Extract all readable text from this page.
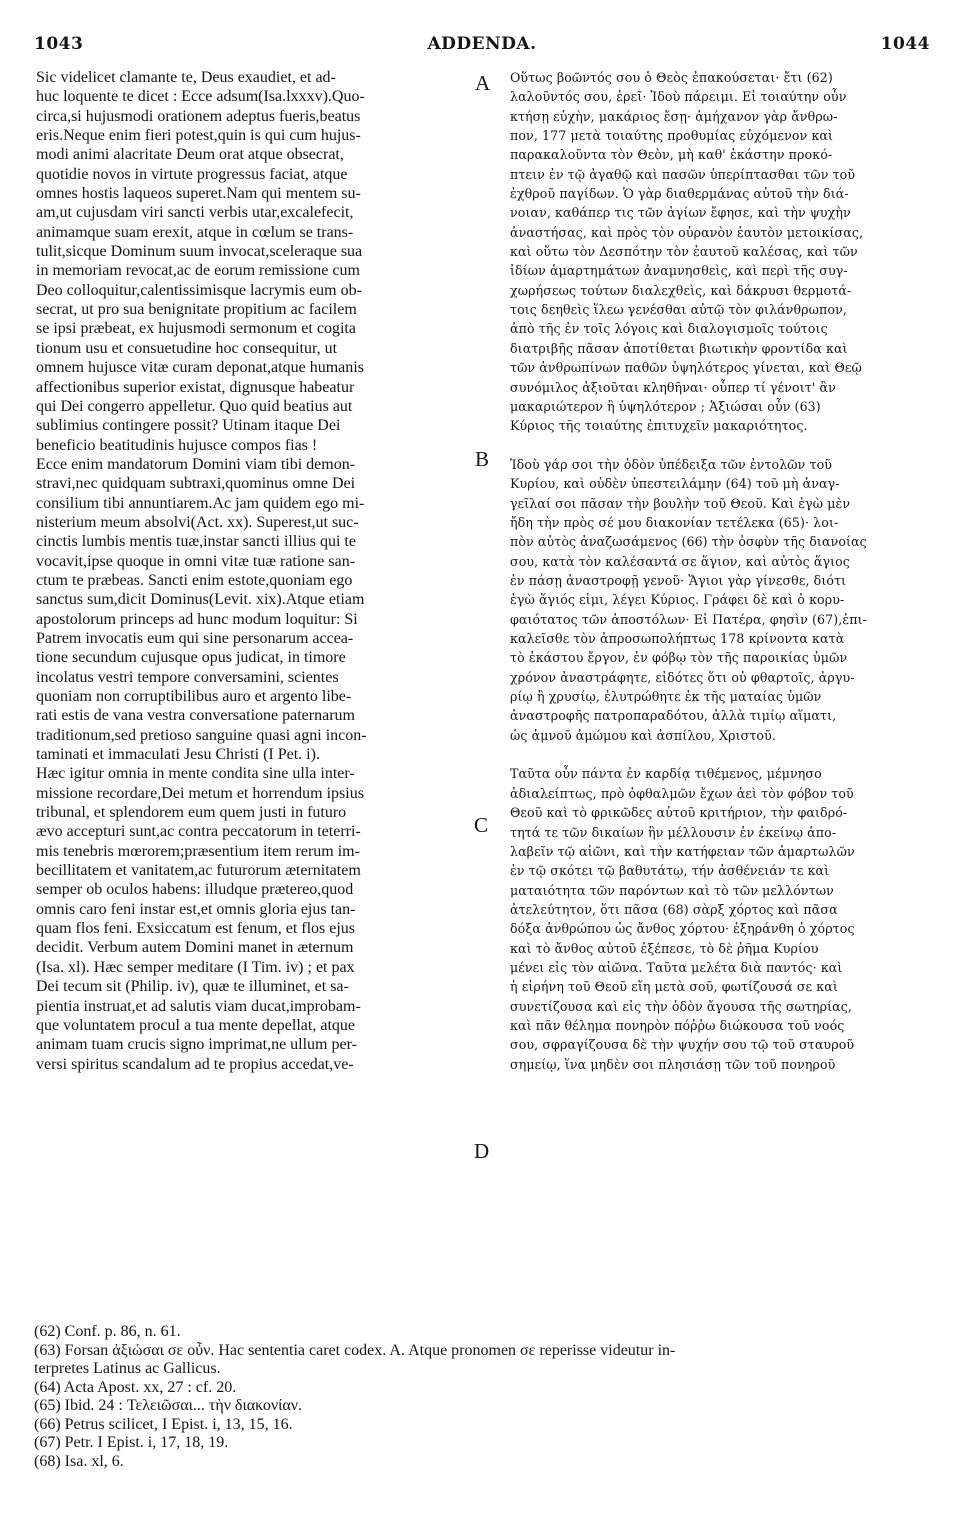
1043	ADDENDA.	1044
A
B
C
D
Sic videlicet clamante te, Deus exaudiet, et ad-
huc loquente te dicet : Ecce adsum(Isa.lxxxv).Quo-
circa,si hujusmodi orationem adeptus fueris,beatus
eris.Neque enim fieri potest,quin is qui cum hujus-
modi animi alacritate Deum orat atque obsecrat,
quotidie novos in virtute progressus faciat, atque
omnes hostis laqueos superet.Nam qui mentem su-
am,ut cujusdam viri sancti verbis utar,excalefecit,
animamque suam erexit, atque in cœlum se trans-
tulit,sicque Dominum suum invocat,sceleraque sua
in memoriam revocat,ac de eorum remissione cum
Deo colloquitur,calentissimisque lacrymis eum ob-
secrat, ut pro sua benignitate propitium ac facilem
se ipsi præbeat, ex hujusmodi sermonum et cogita
tionum usu et consuetudine hoc consequitur, ut
omnem hujusce vitæ curam deponat,atque humanis
affectionibus superior existat, dignusque habeatur
qui Dei congerro appelletur. Quo quid beatius aut
sublimius contingere possit? Utinam itaque Dei
beneficio beatitudinis hujusce compos fias !
Ecce enim mandatorum Domini viam tibi demon-
stravi,nec quidquam subtraxi,quominus omne Dei
consilium tibi annuntiarem.Ac jam quidem ego mi-
nisterium meum absolvi(Act. xx). Superest,ut suc-
cinctis lumbis mentis tuæ,instar sancti illius qui te
vocavit,ipse quoque in omni vitæ tuæ ratione san-
ctum te præbeas. Sancti enim estote,quoniam ego
sanctus sum,dicit Dominus(Levit. xix).Atque etiam
apostolorum princeps ad hunc modum loquitur: Si
Patrem invocatis eum qui sine personarum accea-
tione secundum cujusque opus judicat, in timore
incolatus vestri tempore conversamini, scientes
quoniam non corruptibilibus auro et argento libe-
rati estis de vana vestra conversatione paternarum
traditionum,sed pretioso sanguine quasi agni incon-
taminati et immaculati Jesu Christi (I Pet. i).
Hæc igitur omnia in mente condita sine ulla inter-
missione recordare,Dei metum et horrendum ipsius
tribunal, et splendorem eum quem justi in futuro
ævo accepturi sunt,ac contra peccatorum in teterri-
mis tenebris mœrorem;præsentium item rerum im-
becillitatem et vanitatem,ac futurorum æternitatem
semper ob oculos habens: illudque prætereo,quod
omnis caro feni instar est,et omnis gloria ejus tan-
quam flos feni. Exsiccatum est fenum, et flos ejus
decidit. Verbum autem Domini manet in æternum
(Isa. xl). Hæc semper meditare (I Tim. iv) ; et pax
Dei tecum sit (Philip. iv), quæ te illuminet, et sa-
pientia instruat,et ad salutis viam ducat,improbam-
que voluntatem procul a tua mente depellat, atque
animam tuam crucis signo imprimat,ne ullum per-
versi spiritus scandalum ad te propius accedat,ve-
Οὕτως βοῶντός σου ὁ Θεὸς ἐπακούσεται· ἔτι (62)
λαλοῦντός σου, ἐρεῖ· Ἰδοὺ πάρειμι. Εἰ τοιαύτην οὖν
κτήσῃ εὐχὴν, μακάριος ἔσῃ· ἀμήχανον γὰρ ἄνθρω-
πον, 177 μετὰ τοιαύτης προθυμίας εὐχόμενον καὶ
παρακαλοῦντα τὸν Θεὸν, μὴ καθ' ἑκάστην προκό-
πτειν ἐν τῷ ἀγαθῷ καὶ πασῶν ὑπερίπτασθαι τῶν τοῦ
ἐχθροῦ παγίδων. Ὁ γὰρ διαθερμάνας αὐτοῦ τὴν διά-
νοιαν, καθάπερ τις τῶν ἁγίων ἔφησε, καὶ τὴν ψυχὴν
ἀναστήσας, καὶ πρὸς τὸν οὐρανὸν ἑαυτὸν μετοικίσας,
καὶ οὕτω τὸν Δεσπότην τὸν ἑαυτοῦ καλέσας, καὶ τῶν
ἰδίων ἁμαρτημάτων ἀναμνησθεὶς, καὶ περὶ τῆς συγ-
χωρήσεως τούτων διαλεχθεὶς, καὶ δάκρυσι θερμοτά-
τοις δεηθεὶς ἵλεω γενέσθαι αὐτῷ τὸν φιλάνθρωπον,
ἀπὸ τῆς ἐν τοῖς λόγοις καὶ διαλογισμοῖς τούτοις
διατριβῆς πᾶσαν ἀποτίθεται βιωτικὴν φροντίδα καὶ
τῶν ἀνθρωπίνων παθῶν ὑψηλότερος γίνεται, καὶ Θεῷ
συνόμιλος ἀξιοῦται κληθῆναι· οὗπερ τί γένοιτ' ἂν
μακαριώτερον ἢ ὑψηλότερον ; Ἀξιώσαι οὖν (63)
Κύριος τῆς τοιαύτης ἐπιτυχεῖν μακαριότητος.
Ἰδοὺ γάρ σοι τὴν ὁδὸν ὑπέδειξα τῶν ἐντολῶν τοῦ
Κυρίου, καὶ οὐδὲν ὑπεστειλάμην (64) τοῦ μὴ ἀναγ-
γεῖλαί σοι πᾶσαν τὴν βουλὴν τοῦ Θεοῦ. Καὶ ἐγὼ μὲν
ἤδη τὴν πρὸς σέ μου διακονίαν τετέλεκα (65)· λοι-
πὸν αὐτὸς ἀναζωσάμενος (66) τὴν ὀσφὺν τῆς διανοίας
σου, κατὰ τὸν καλέσαντά σε ἅγιον, καὶ αὐτὸς ἅγιος
ἐν πάσῃ ἀναστροφῇ γενοῦ· Ἅγιοι γὰρ γίνεσθε, διότι
ἐγὼ ἅγιός εἰμι, λέγει Κύριος. Γράφει δὲ καὶ ὁ κορυ-
φαιότατος τῶν ἀποστόλων· Εἰ Πατέρα, φησὶν (67),ἐπι-
καλεῖσθε τὸν ἀπροσωπολήπτως 178 κρίνοντα κατὰ
τὸ ἑκάστου ἔργον, ἐν φόβῳ τὸν τῆς παροικίας ὑμῶν
χρόνον ἀναστράφητε, εἰδότες ὅτι οὐ φθαρτοῖς, ἀργυ-
ρίῳ ἢ χρυσίῳ, ἐλυτρώθητε ἐκ τῆς ματαίας ὑμῶν
ἀναστροφῆς πατροπαραδότου, ἀλλὰ τιμίῳ αἵματι,
ὡς ἀμνοῦ ἀμώμου καὶ ἀσπίλου, Χριστοῦ.
Ταῦτα οὖν πάντα ἐν καρδίᾳ τιθέμενος, μέμνησο
ἀδιαλείπτως, πρὸ ὀφθαλμῶν ἔχων ἀεὶ τὸν φόβον τοῦ
Θεοῦ καὶ τὸ φρικῶδες αὐτοῦ κριτήριον, τὴν φαιδρό-
τητά τε τῶν δικαίων ἣν μέλλουσιν ἐν ἐκείνῳ ἀπο-
λαβεῖν τῷ αἰῶνι, καὶ τὴν κατήφειαν τῶν ἁμαρτωλῶν
ἐν τῷ σκότει τῷ βαθυτάτῳ, τήν ἀσθένειάν τε καὶ
ματαιότητα τῶν παρόντων καὶ τὸ τῶν μελλόντων
ἀτελεύτητον, ὅτι πᾶσα (68) σὰρξ χόρτος καὶ πᾶσα
δόξα ἀνθρώπου ὡς ἄνθος χόρτου· ἐξηράνθη ὁ χόρτος
καὶ τὸ ἄνθος αὐτοῦ ἐξέπεσε, τὸ δὲ ῥῆμα Κυρίου
μένει εἰς τὸν αἰῶνα. Ταῦτα μελέτα διὰ παντός· καὶ
ἡ εἰρήνη τοῦ Θεοῦ εἴη μετὰ σοῦ, φωτίζουσά σε καὶ
συνετίζουσα καὶ εἰς τὴν ὁδὸν ἄγουσα τῆς σωτηρίας,
καὶ πᾶν θέλημα πονηρὸν πόῤῥω διώκουσα τοῦ νοός
σου, σφραγίζουσα δὲ τὴν ψυχήν σου τῷ τοῦ σταυροῦ
σημείῳ, ἵνα μηδὲν σοι πλησιάσῃ τῶν τοῦ πονηροῦ
(62) Conf. p. 86, n. 61.
(63) Forsan ἀξιώσαι σε οὖν. Hac sententia caret codex. A. Atque pronomen σε reperisse videutur in-
terpretes Latinus ac Gallicus.
(64) Acta Apost. xx, 27 : cf. 20.
(65) Ibid. 24 : Τελειῶσαι... τὴν διακονίαν.
(66) Petrus scilicet, I Epist. i, 13, 15, 16.
(67) Petr. I Epist. i, 17, 18, 19.
(68) Isa. xl, 6.
